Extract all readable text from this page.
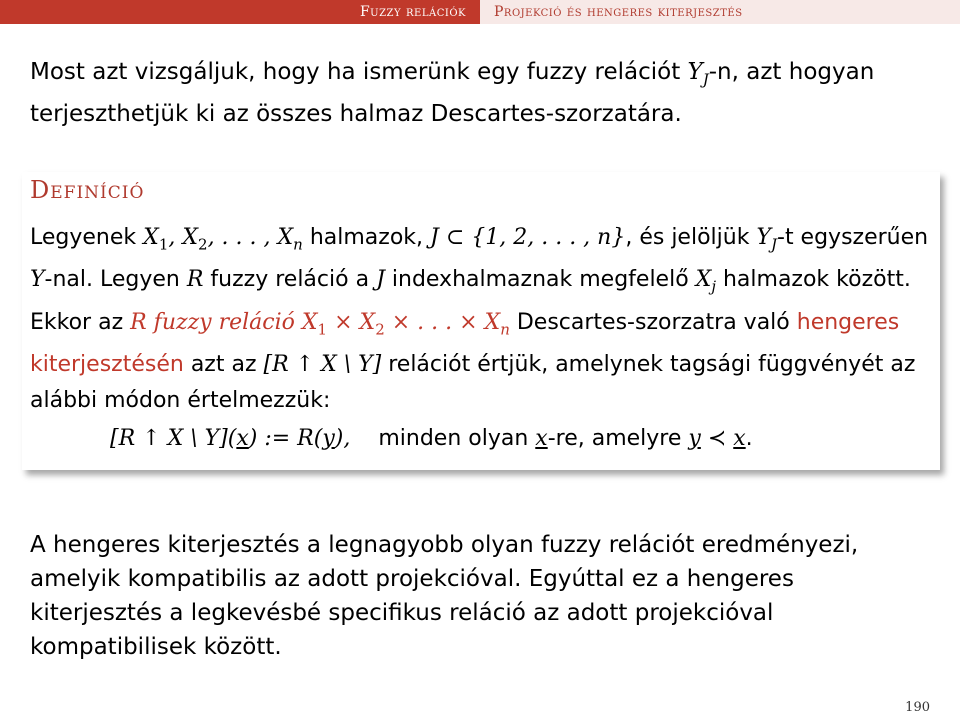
Fuzzy relációk	Projekció és hengeres kiterjesztés
Most azt vizsgáljuk, hogy ha ismerünk egy fuzzy relációt $Y_J-n$, azt hogyan terjeszthetjük ki az összes halmaz Descartes-szorzatára.
Definíció
Legyenek $X_1$, $X_2$, . . . , $X_n$ halmazok, J ⊂ {1, 2, . . . , n}, és jelöljük $Y_J-t$ egyszerűen Y-nal. Legyen R fuzzy reláció a J indexhalmaznak megfelelő $X_j$ halmazok között. Ekkor az R fuzzy reláció $X_1 \times X_2$ × . . . × $X_n$ Descartes-szorzatra való hengeres kiterjesztésén azt az [R ↑ X \ Y] relációt értjük, amelynek tagsági függvényét az alábbi módon értelmezzük:
[R ↑ X \ Y](x) := R(y), minden olyan x-re, amelyre y ≺ x.
A hengeres kiterjesztés a legnagyobb olyan fuzzy relációt eredményezi, amelyik kompatibilis az adott projekcióval. Egyúttal ez a hengeres kiterjesztés a legkevésbé specifikus reláció az adott projekcióval kompatibilisek között.
190
